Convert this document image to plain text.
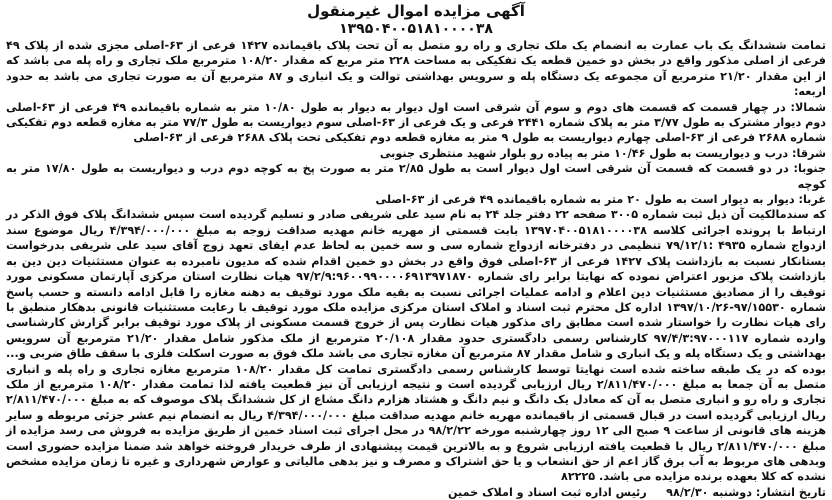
آگهی مزایده اموال غیرمنقول
۱۳۹۵۰۴۰۰۵۱۸۱۰۰۰۰۳۸

تمامت ششدانگ یک باب عمارت به انضمام یک ملک تجاری و راه رو متصل به آن تحت پلاک باقیمانده ۱۴۲۷ فرعی از ۶۳-اصلی مجزی شده از پلاک ۴۹ فرعی از اصلی مذکور واقع در بخش دو خمین قطعه یک تفکیکی به مساحت ۲۲۸ متر مربع که مقدار ۱۰۸/۲۰ مترمربع ملک تجاری و راه پله می باشد که از این مقدار ۲۱/۲۰ مترمربع آن مجموعه یک دستگاه پله و سرویس بهداشتی توالت و یک انباری و ۸۷ مترمربع آن به صورت تجاری می باشد به حدود اربعه:

شمالا: در چهار قسمت که قسمت های دوم و سوم آن شرقی است اول دیوار به دیوار به طول ۱۰/۸۰ متر به شماره باقیمانده ۴۹ فرعی از ۶۳-اصلی دوم دیوار مشترک به طول ۳/۷۷ متر به پلاک شماره ۲۴۴۱ فرعی و یک فرعی از ۶۳-اصلی سوم دیواریست به طول ۷۷/۳ متر به مغازه قطعه دوم تفکیکی شماره ۲۶۸۸ فرعی از ۶۳-اصلی چهارم دیواریست به طول ۹ متر به مغازه قطعه دوم تفکیکی تحت پلاک ۲۶۸۸ فرعی از ۶۳-اصلی

شرقا: درب و دیواریست به طول ۱۰/۴۶ متر به پیاده رو بلوار شهید منتظری جنوبی

جنوبا: در دو قسمت که قسمت آن شرقی است اول دیوار است به طول ۲/۸۵ متر به صورت پخ به کوچه دوم درب و دیواریست به طول ۱۷/۸۰ متر به کوچه

غربا: دیوار به دیوار است به طول ۲۰ متر به شماره باقیمانده ۴۹ فرعی از ۶۳-اصلی

که سندمالکیت آن ذیل ثبت شماره ۳۰۰۵ صفحه ۲۲ دفتر جلد ۲۴ به نام سید علی شریفی صادر و تسلیم گردیده است سپس ششدانگ پلاک فوق الذکر در ارتباط با پرونده اجرائی کلاسه ۱۳۹۷۰۴۰۰۵۱۸۱۰۰۰۰۳۸ بابت قسمتی از مهریه خانم مهدیه صداقت زوجه به مبلغ ۴/۳۹۴/۰۰۰/۰۰۰ ریال موضوع سند ازدواج شماره ۴۹۳۵ :۷۹/۱۲/۱ تنظیمی در دفترخانه ازدواج شماره سی و سه خمین به لحاظ عدم ایفای تعهد زوج آقای سید علی شریفی بدرخواست بستانکار نسبت به بازداشت پلاک ۱۴۲۷ فرعی از ۶۳-اصلی فوق واقع در بخش دو خمین اقدام شده که مدیون نامبرده به عنوان مستثنیات دین دین به بازداشت پلاک مزبور اعتراض نموده که نهایتا برابر رای شماره ۹۷/۲/۹:۹۶۰۰۹۹۰۰۰۰۶۹۱۳۹۷۱۸۷۰ هیات نظارت استان مرکزی آپارتمان مسکونی مورد توقیف را از مصادیق مستثنیات دین اعلام و ادامه عملیات اجرائی نسبت به بقیه ملک مورد توقیف به دهنه مغازه را قابل ادامه دانسته و حسب پاسخ شماره ۹۷/۱۵۵۳۰-۱۳۹۷/۱۰/۲۶ اداره کل محترم ثبت اسناد و املاک استان مرکزی مزایده ملک مورد توقیف با رعایت مستثنیات قانونی بدهکار منطبق با رای هیات نظارت را خواستار شده است مطابق رای مذکور هیات نظارت پس از خروج قسمت مسکونی از پلاک مورد توقیف برابر گزارش کارشناسی وارده شماره ۹۷/۴/۳:۹۷۰۰۰۱۱۷ کارشناس رسمی دادگستری حدود مقدار ۲۰/۱۰۸ مترمربع از ملک مذکور شامل مقدار ۲۱/۲۰ مترمربع آن سرویس بهداشتی و یک دستگاه پله و یک انباری و شامل مقدار ۸۷ مترمربع آن مغازه تجاری می باشد ملک فوق به صورت اسکلت فلزی با سقف طاق ضربی و... بوده که در یک طبقه ساخته شده است نهایتا توسط کارشناس رسمی دادگستری تمامت کل مقدار ۱۰۸/۲۰ مترمربع مغازه تجاری و راه پله و انباری متصل به آن جمعا به مبلغ ۲/۸۱۱/۴۷۰/۰۰۰ ریال ارزیابی گردیده است و نتیجه ارزیابی آن نیز قطعیت یافته لذا تمامت مقدار ۱۰۸/۲۰ مترمربع از ملک تجاری و راه رو و انباری متصل به آن که معادل یک دانگ و نیم دانگ و هشتاد هزارم دانگ مشاع از کل ششدانگ پلاک موصوف که به مبلغ ۲/۸۱۱/۴۷۰/۰۰۰ ریال ارزیابی گردیده است در قبال قسمتی از باقیمانده مهریه خانم مهدیه صداقت مبلغ ۴/۳۹۴/۰۰۰/۰۰۰ ریال به انضمام نیم عشر جزئی مربوطه و سایر هزینه های قانونی از ساعت ۹ صبح الی ۱۲ روز چهارشنبه مورخه ۹۸/۲/۲۲ در محل اجرای ثبت اسناد خمین از طریق مزایده به فروش می رسد مزایده از مبلغ ۲/۸۱۱/۴۷۰/۰۰۰ ریال با قطعیت یافته ارزیابی شروع و به بالاترین قیمت پیشنهادی از طرف خریدار فروخته خواهد شد ضمنا مزایده حضوری است وبدهی های مربوط به آب برق گاز اعم از حق انشعاب و یا حق اشتراک و مصرف و نیز بدهی مالیاتی و عوارض شهرداری و غیره تا زمان مزایده مشخص نشده که کلا بعهده برنده مزایده می باشد. ۸۲۲۲۵

تاریخ انتشار: دوشنبه ۹۸/۲/۳۰     رئیس اداره ثبت اسناد و املاک خمین
